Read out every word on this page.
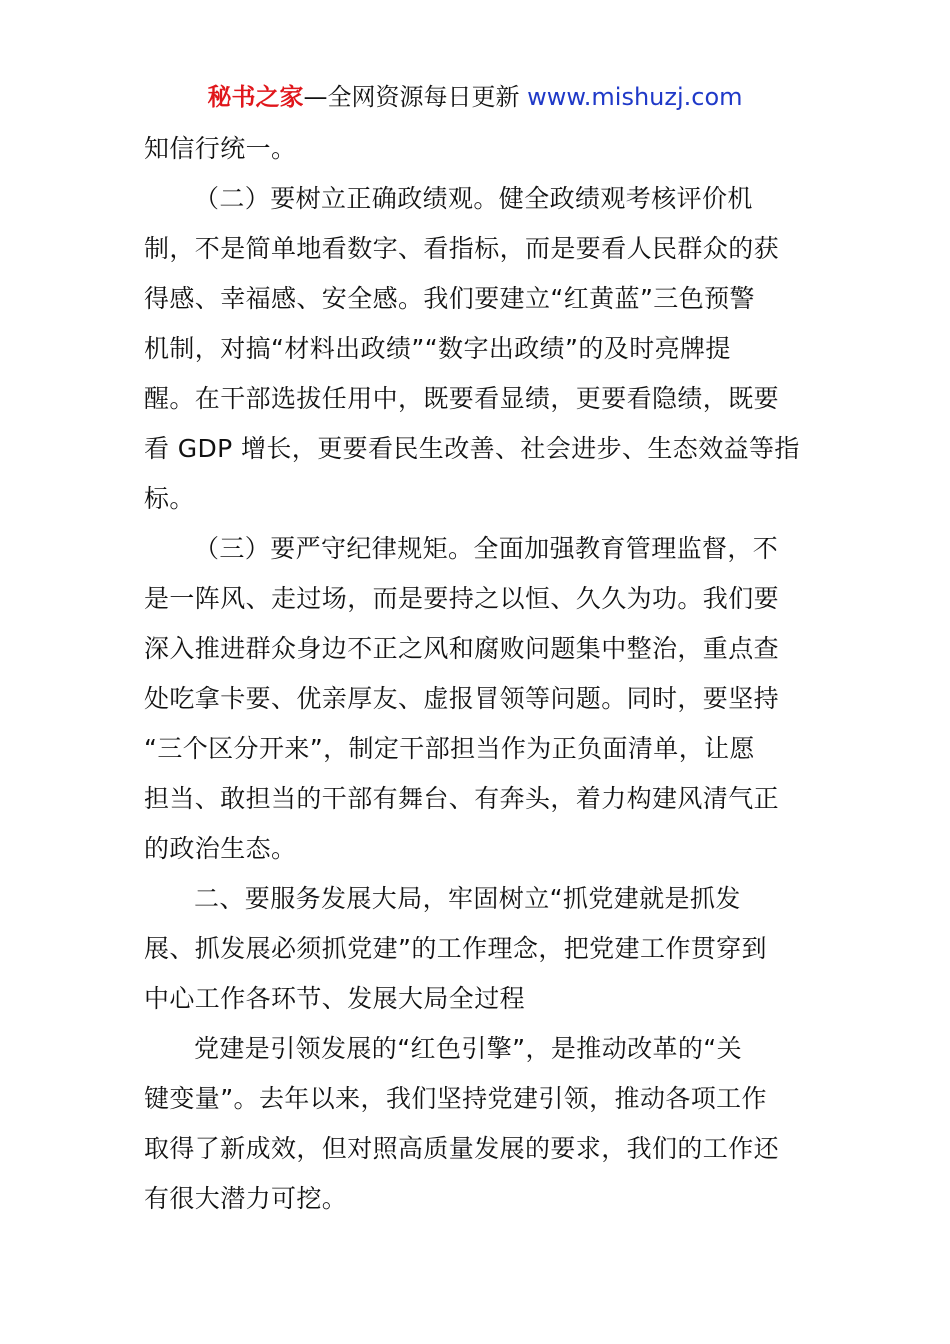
秘书之家—全网资源每日更新 www.mishuzj.com
知信行统一。
（二）要树立正确政绩观。健全政绩观考核评价机
制，不是简单地看数字、看指标，而是要看人民群众的获
得感、幸福感、安全感。我们要建立“红黄蓝”三色预警
机制，对搞“材料出政绩”“数字出政绩”的及时亮牌提
醒。在干部选拔任用中，既要看显绩，更要看隐绩，既要
看 GDP 增长，更要看民生改善、社会进步、生态效益等指
标。
（三）要严守纪律规矩。全面加强教育管理监督，不
是一阵风、走过场，而是要持之以恒、久久为功。我们要
深入推进群众身边不正之风和腐败问题集中整治，重点查
处吃拿卡要、优亲厚友、虚报冒领等问题。同时，要坚持
“三个区分开来”，制定干部担当作为正负面清单，让愿
担当、敢担当的干部有舞台、有奔头，着力构建风清气正
的政治生态。
二、要服务发展大局，牢固树立“抓党建就是抓发
展、抓发展必须抓党建”的工作理念，把党建工作贯穿到
中心工作各环节、发展大局全过程
党建是引领发展的“红色引擎”，是推动改革的“关
键变量”。去年以来，我们坚持党建引领，推动各项工作
取得了新成效，但对照高质量发展的要求，我们的工作还
有很大潜力可挖。
